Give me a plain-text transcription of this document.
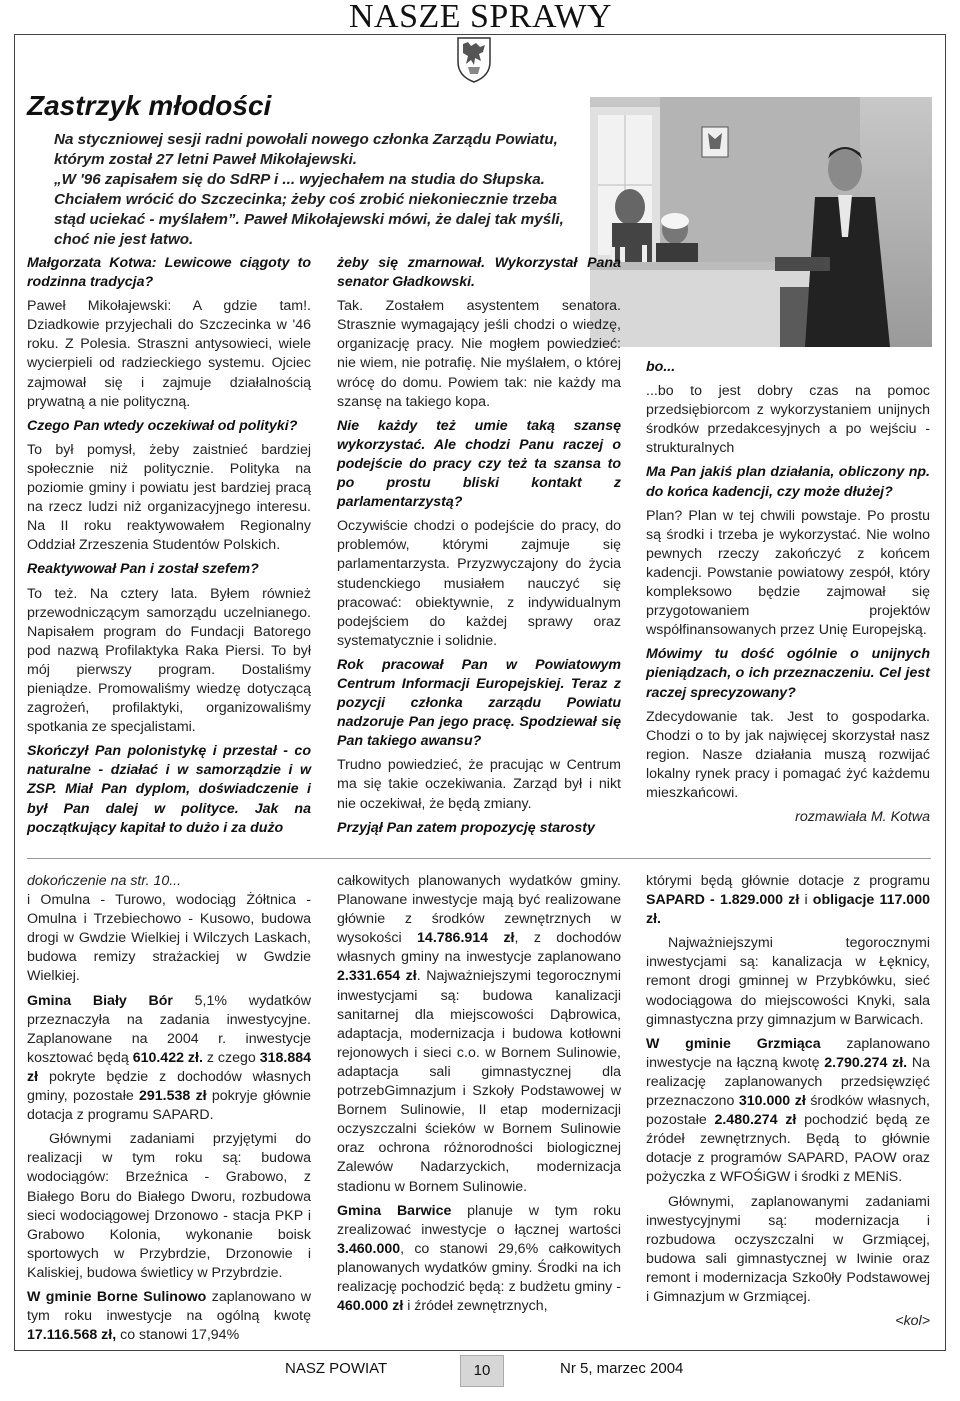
NASZE SPRAWY
Zastrzyk młodości

Na styczniowej sesji radni powołali nowego członka Zarządu Powiatu, którym został 27 letni Paweł Mikołajewski.

„W '96 zapisałem się do SdRP i ... wyjechałem na studia do Słupska. Chciałem wrócić do Szczecinka; żeby coś zrobić niekoniecznie trzeba stąd uciekać - myślałem”. Paweł Mikołajewski mówi, że dalej tak myśli, choć nie jest łatwo.

Małgorzata Kotwa: Lewicowe ciągoty to rodzinna tradycja?

Paweł Mikołajewski: A gdzie tam!. Dziadkowie przyjechali do Szczecinka w '46 roku. Z Polesia. Straszni antysowieci, wiele wycierpieli od radzieckiego systemu. Ojciec zajmował się i zajmuje działalnością prywatną a nie polityczną.

Czego Pan wtedy oczekiwał od polityki?

To był pomysł, żeby zaistnieć bardziej społecznie niż politycznie. Polityka na poziomie gminy i powiatu jest bardziej pracą na rzecz ludzi niż organizacyjnego interesu. Na II roku reaktywowałem Regionalny Oddział Zrzeszenia Studentów Polskich.

Reaktywował Pan i został szefem?

To też. Na cztery lata. Byłem również przewodniczącym samorządu uczelnianego. Napisałem program do Fundacji Batorego pod nazwą Profilaktyka Raka Piersi. To był mój pierwszy program. Dostaliśmy pieniądze. Promowaliśmy wiedzę dotyczącą zagrożeń, profilaktyki, organizowaliśmy spotkania ze specjalistami.

Skończył Pan polonistykę i przestał - co naturalne - działać i w samorządzie i w ZSP. Miał Pan dyplom, doświadczenie i był Pan dalej w polityce. Jak na początkujący kapitał to dużo i za dużo

żeby się zmarnował. Wykorzystał Pana senator Gładkowski.

Tak. Zostałem asystentem senatora. Strasznie wymagający jeśli chodzi o wiedzę, organizację pracy. Nie mogłem powiedzieć: nie wiem, nie potrafię. Nie myślałem, o której wrócę do domu. Powiem tak: nie każdy ma szansę na takiego kopa.

Nie każdy też umie taką szansę wykorzystać. Ale chodzi Panu raczej o podejście do pracy czy też ta szansa to po prostu bliski kontakt z parlamentarzystą?

Oczywiście chodzi o podejście do pracy, do problemów, którymi zajmuje się parlamentarzysta. Przyzwyczajony do życia studenckiego musiałem nauczyć się pracować: obiektywnie, z indywidualnym podejściem do każdej sprawy oraz systematycznie i solidnie.

Rok pracował Pan w Powiatowym Centrum Informacji Europejskiej. Teraz z pozycji członka zarządu Powiatu nadzoruje Pan jego pracę. Spodziewał się Pan takiego awansu?

Trudno powiedzieć, że pracując w Centrum ma się takie oczekiwania. Zarząd był i nikt nie oczekiwał, że będą zmiany.

Przyjął Pan zatem propozycję starosty

bo...

...bo to jest dobry czas na pomoc przedsiębiorcom z wykorzystaniem unijnych środków przedakcesyjnych a po wejściu - strukturalnych

Ma Pan jakiś plan działania, obliczony np. do końca kadencji, czy może dłużej?

Plan? Plan w tej chwili powstaje. Po prostu są środki i trzeba je wykorzystać. Nie wolno pewnych rzeczy zakończyć z końcem kadencji. Powstanie powiatowy zespół, który kompleksowo będzie zajmował się przygotowaniem projektów współfinansowanych przez Unię Europejską.

Mówimy tu dość ogólnie o unijnych pieniądzach, o ich przeznaczeniu. Cel jest raczej sprecyzowany?

Zdecydowanie tak. Jest to gospodarka. Chodzi o to by jak najwięcej skorzystał nasz region. Nasze działania muszą rozwijać lokalny rynek pracy i pomagać żyć każdemu mieszkańcowi.

rozmawiała M. Kotwa

dokończenie na str. 10...

i Omulna - Turowo, wodociąg Żółtnica - Omulna i Trzebiechowo - Kusowo, budowa drogi w Gwdzie Wielkiej i Wilczych Laskach, budowa remizy strażackiej w Gwdzie Wielkiej.

Gmina Biały Bór 5,1% wydatków przeznaczyła na zadania inwestycyjne. Zaplanowane na 2004 r. inwestycje kosztować będą 610.422 zł. z czego 318.884 zł pokryte będzie z dochodów własnych gminy, pozostałe 291.538 zł pokryje głównie dotacja z programu SAPARD.

Głównymi zadaniami przyjętymi do realizacji w tym roku są: budowa wodociągów: Brzeźnica - Grabowo, z Białego Boru do Białego Dworu, rozbudowa sieci wodociągowej Drzonowo - stacja PKP i Grabowo Kolonia, wykonanie boisk sportowych w Przybrdzie, Drzonowie i Kaliskiej, budowa świetlicy w Przybrdzie.

W gminie Borne Sulinowo zaplanowano w tym roku inwestycje na ogólną kwotę 17.116.568 zł, co stanowi 17,94%

całkowitych planowanych wydatków gminy. Planowane inwestycje mają być realizowane głównie z środków zewnętrznych w wysokości 14.786.914 zł, z dochodów własnych gminy na inwestycje zaplanowano 2.331.654 zł. Najważniejszymi tegorocznymi inwestycjami są: budowa kanalizacji sanitarnej dla miejscowości Dąbrowica, adaptacja, modernizacja i budowa kotłowni rejonowych i sieci c.o. w Bornem Sulinowie, adaptacja sali gimnastycznej dla potrzebGimnazjum i Szkoły Podstawowej w Bornem Sulinowie, II etap modernizacji oczyszczalni ścieków w Bornem Sulinowie oraz ochrona różnorodności biologicznej Zalewów Nadarzyckich, modernizacja stadionu w Bornem Sulinowie.

Gmina Barwice planuje w tym roku zrealizować inwestycje o łącznej wartości 3.460.000, co stanowi 29,6% całkowitych planowanych wydatków gminy. Środki na ich realizację pochodzić będą: z budżetu gminy - 460.000 zł i źródeł zewnętrznych,

którymi będą głównie dotacje z programu SAPARD - 1.829.000 zł i obligacje 117.000 zł.

Najważniejszymi tegorocznymi inwestycjami są: kanalizacja w Łęknicy, remont drogi gminnej w Przybkówku, sieć wodociągowa do miejscowości Knyki, sala gimnastyczna przy gimnazjum w Barwicach.

W gminie Grzmiąca zaplanowano inwestycje na łączną kwotę 2.790.274 zł. Na realizację zaplanowanych przedsięwzięć przeznaczono 310.000 zł środków własnych, pozostałe 2.480.274 zł pochodzić będą ze źródeł zewnętrznych. Będą to głównie dotacje z programów SAPARD, PAOW oraz pożyczka z WFOŚiGW i środki z MENiS.

Głównymi, zaplanowanymi zadaniami inwestycyjnymi są: modernizacja i rozbudowa oczyszczalni w Grzmiącej, budowa sali gimnastycznej w Iwinie oraz remont i modernizacja Szko0ły Podstawowej i Gimnazjum w Grzmiącej.

<kol>

NASZ POWIAT	10	Nr 5, marzec 2004
